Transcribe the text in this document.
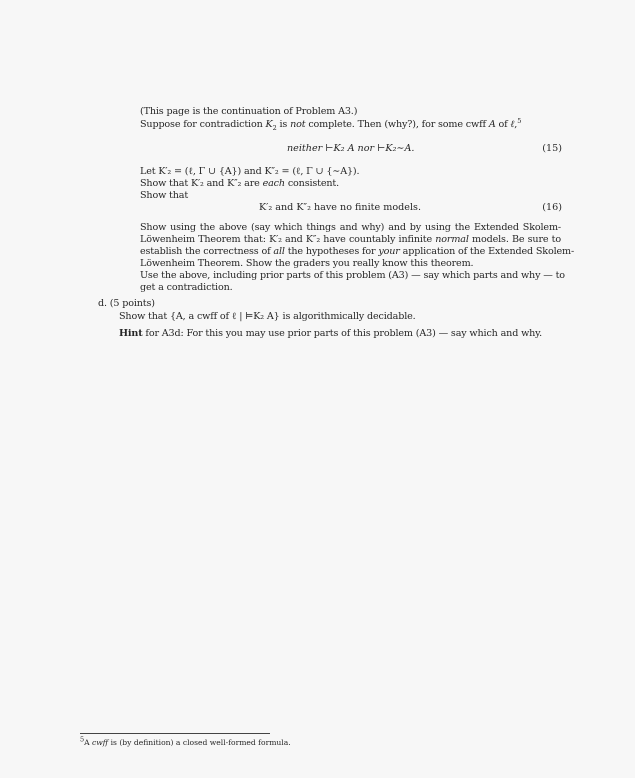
(This page is the continuation of Problem A3.)
Suppose for contradiction $K_2$ is not complete. Then (why?), for some cwff A of ℓ,$^5$
neither ⊢K₂ A nor ⊢K₂∼A.	(15)
Let K′₂ = (ℓ, Γ ∪ {A}) and K″₂ = (ℓ, Γ ∪ {∼A}).
Show that K′₂ and K″₂ are each consistent.
Show that
K′₂ and K″₂ have no finite models.	(16)
Show using the above (say which things and why) and by using the Extended Skolem-
Löwenheim Theorem that: K′₂ and K″₂ have countably infinite normal models. Be sure to
establish the correctness of all the hypotheses for your application of the Extended Skolem-
Löwenheim Theorem. Show the graders you really know this theorem.
Use the above, including prior parts of this problem (A3) — say which parts and why — to
get a contradiction.
d. (5 points)
Show that {A, a cwff of ℓ | ⊨K₂ A} is algorithmically decidable.
Hint for A3d: For this you may use prior parts of this problem (A3) — say which and why.
$^5$A cwff is (by definition) a closed well-formed formula.
